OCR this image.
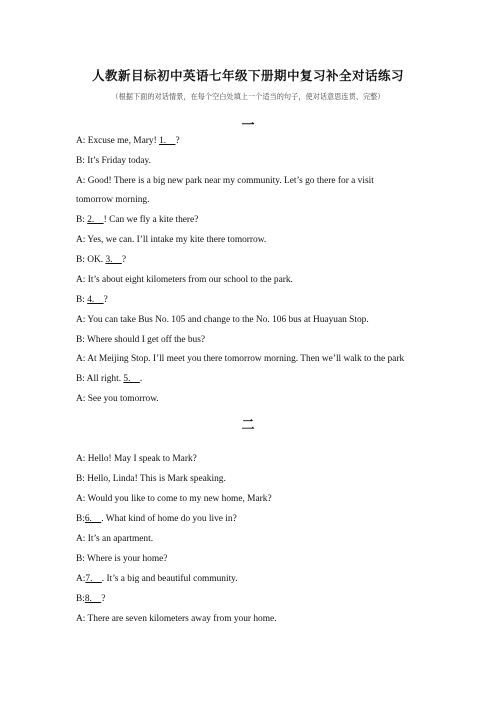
人教新目标初中英语七年级下册期中复习补全对话练习
（根据下面的对话情景，在每个空白处填上一个适当的句子，使对话意思连贯、完整）
一
A: Excuse me, Mary! 1.    ?
B: It’s Friday today.
A: Good! There is a big new park near my community. Let’s go there for a visit
tomorrow morning.
B: 2.    ! Can we fly a kite there?
A: Yes, we can. I’ll intake my kite there tomorrow.
B: OK. 3.    ?
A: It’s about eight kilometers from our school to the park.
B: 4.    ?
A: You can take Bus No. 105 and change to the No. 106 bus at Huayuan Stop.
B: Where should I get off the bus?
A: At Meijing Stop. I’ll meet you there tomorrow morning. Then we’ll walk to the park
B: All right. 5.    .
A: See you tomorrow.
二
A: Hello! May I speak to Mark?
B: Hello, Linda! This is Mark speaking.
A: Would you like to come to my new home, Mark?
B:6.    . What kind of home do you live in?
A: It’s an apartment.
B: Where is your home?
A:7.    . It’s a big and beautiful community.
B:8.    ?
A: There are seven kilometers away from your home.
